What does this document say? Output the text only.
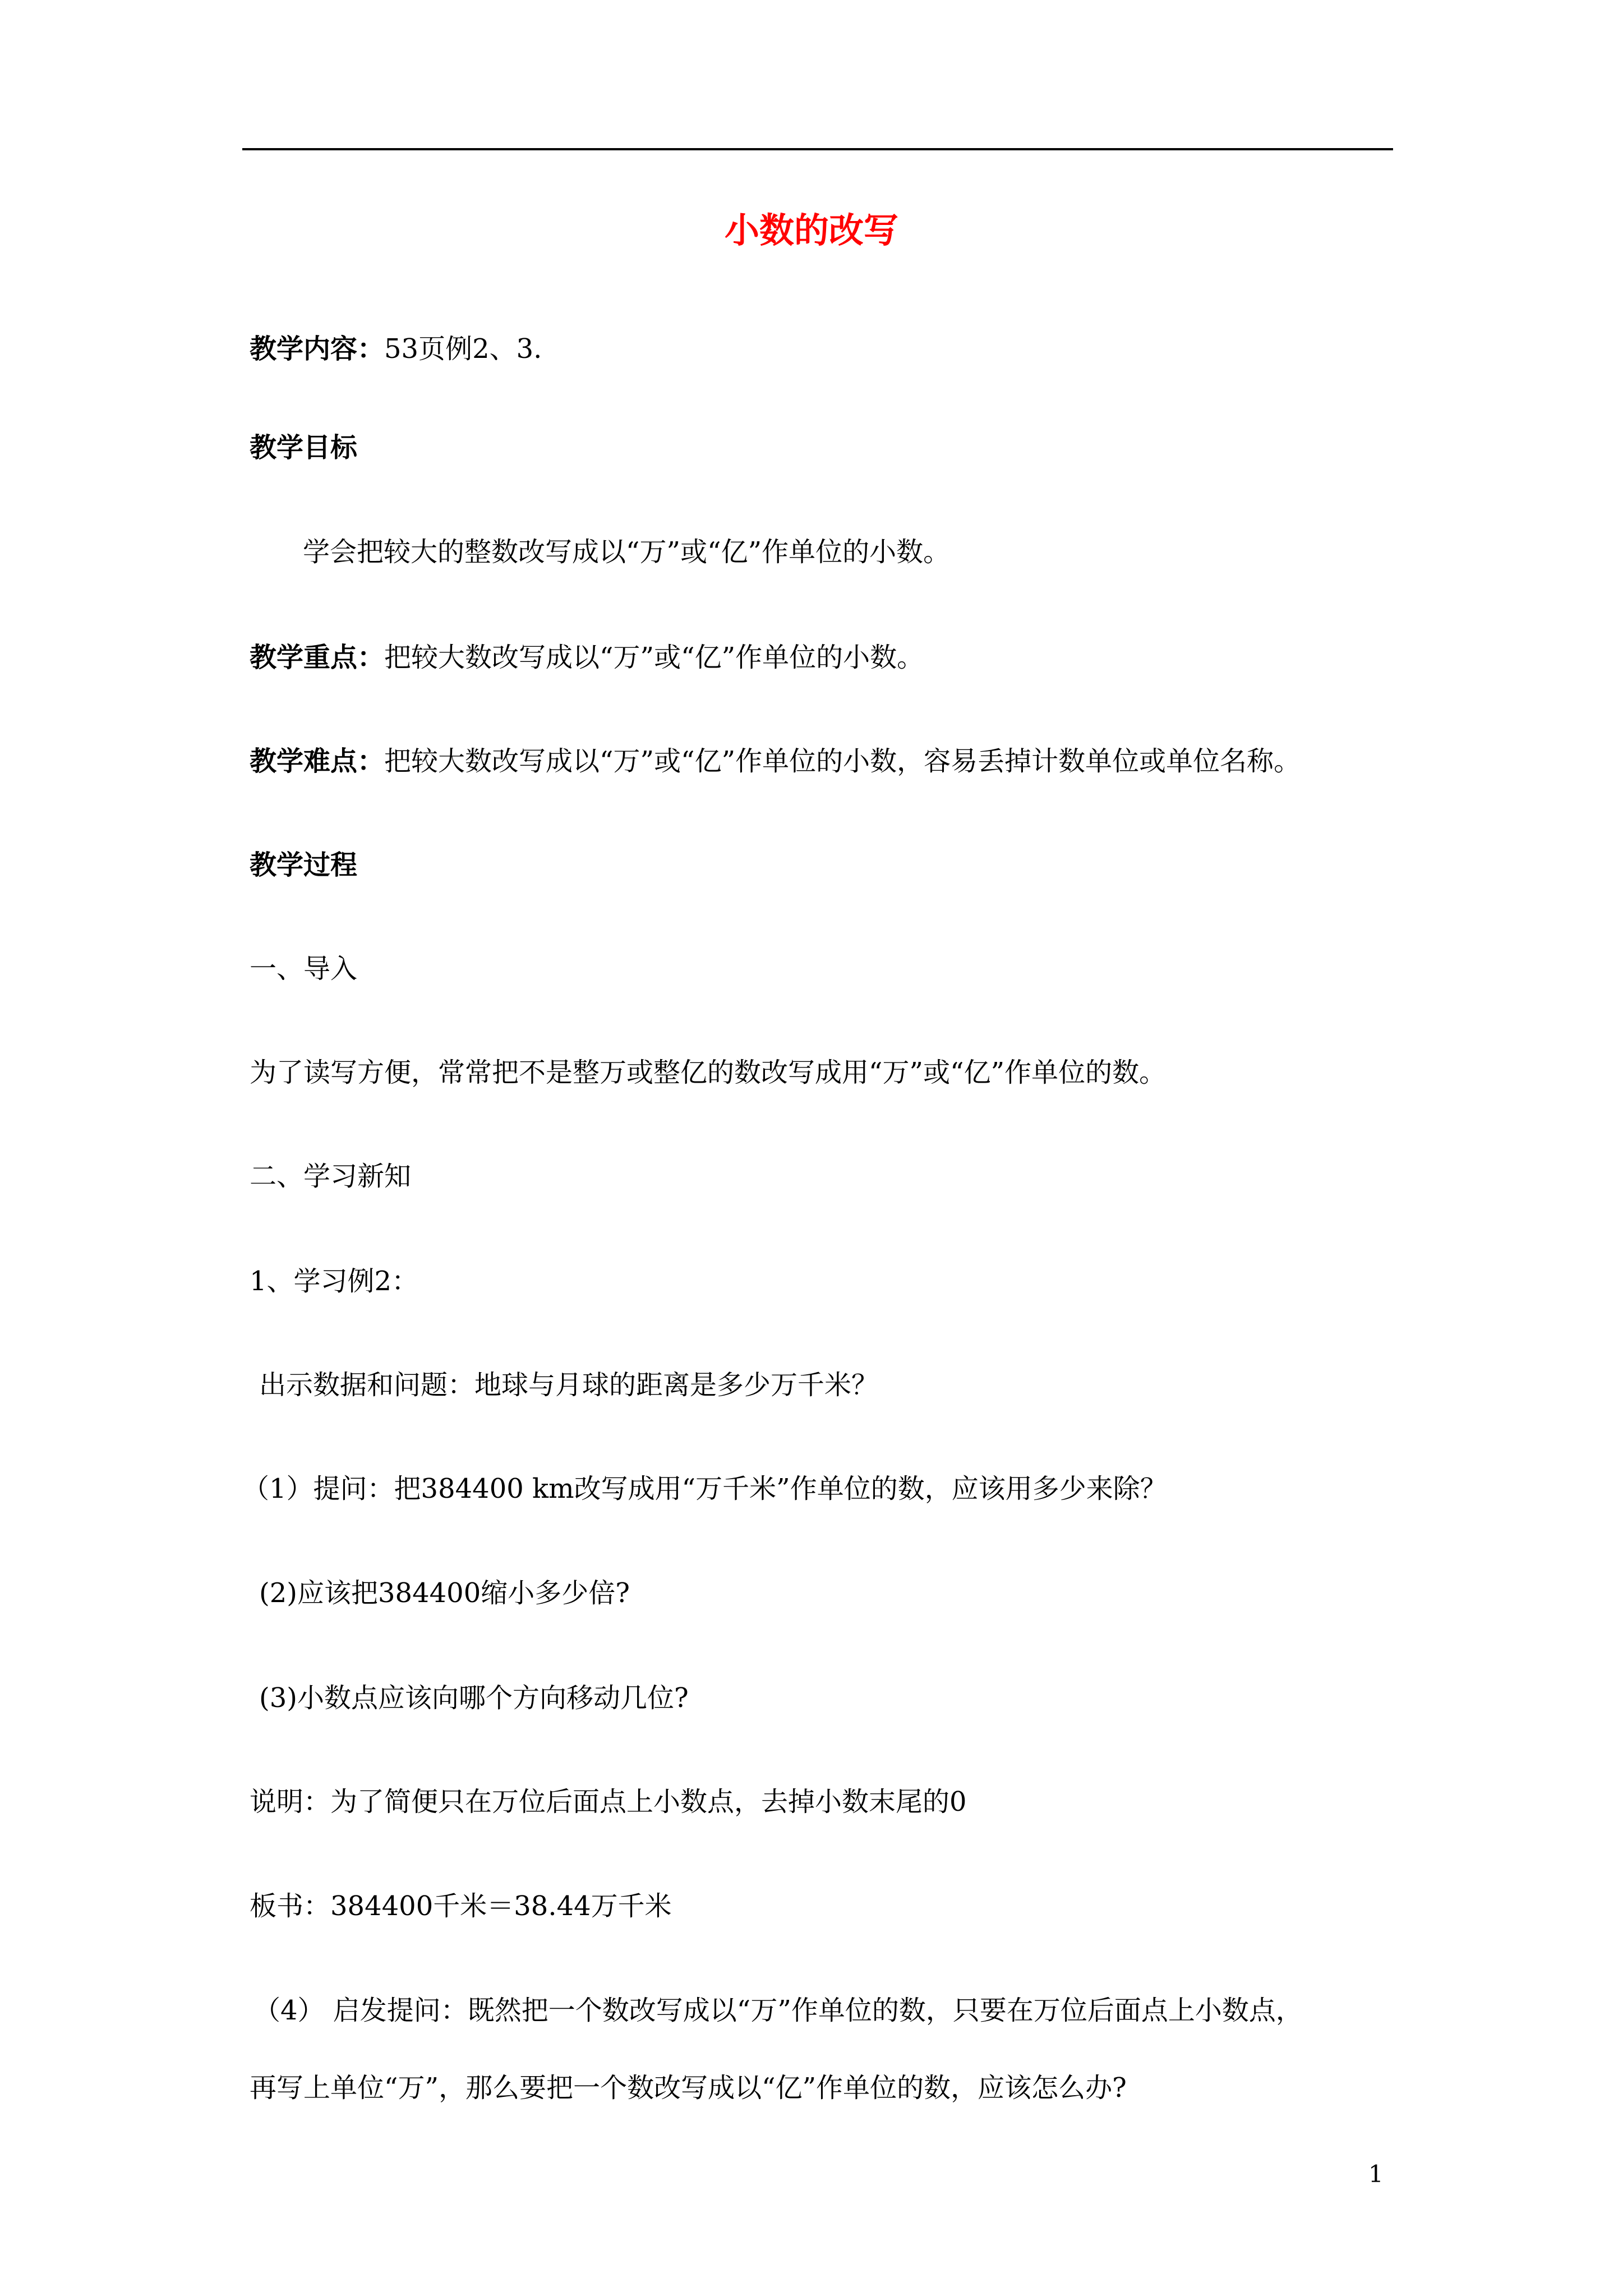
小数的改写
教学内容：53页例2、3.
教学目标
学会把较大的整数改写成以“万”或“亿”作单位的小数。
教学重点：把较大数改写成以“万”或“亿”作单位的小数。
教学难点：把较大数改写成以“万”或“亿”作单位的小数，容易丢掉计数单位或单位名称。
教学过程
一、导入
为了读写方便，常常把不是整万或整亿的数改写成用“万”或“亿”作单位的数。
二、学习新知
1、学习例2：
出示数据和问题：地球与月球的距离是多少万千米？
（1）提问：把384400 km改写成用“万千米”作单位的数，应该用多少来除？
(2)应该把384400缩小多少倍?
(3)小数点应该向哪个方向移动几位?
说明：为了简便只在万位后面点上小数点，去掉小数末尾的0
板书：384400千米＝38.44万千米
（4） 启发提问：既然把一个数改写成以“万”作单位的数，只要在万位后面点上小数点，
再写上单位“万”，那么要把一个数改写成以“亿”作单位的数，应该怎么办?
1
